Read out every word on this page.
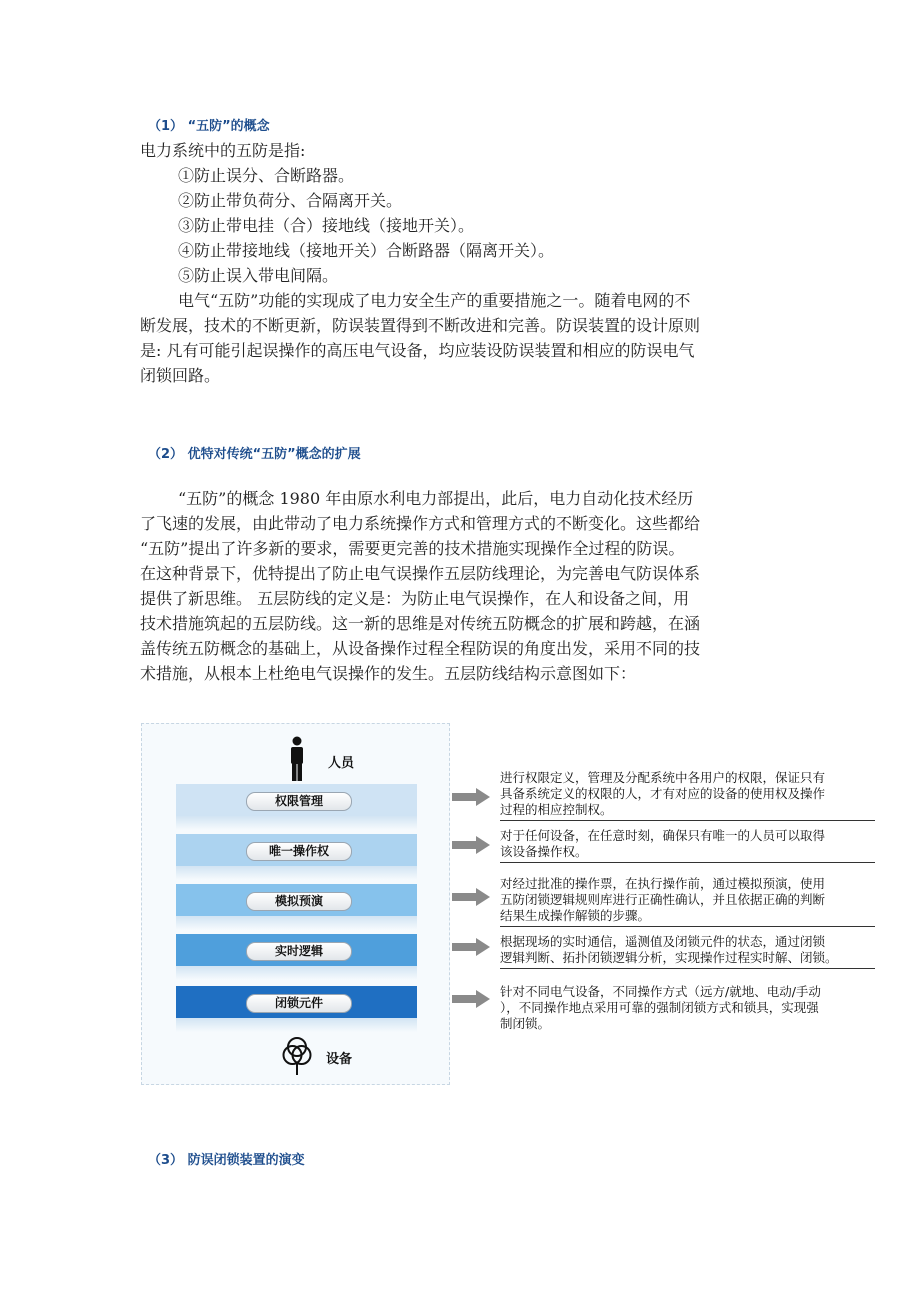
（1） “五防”的概念
电力系统中的五防是指:
①防止误分、合断路器。
②防止带负荷分、合隔离开关。
③防止带电挂（合）接地线（接地开关）。
④防止带接地线（接地开关）合断路器（隔离开关）。
⑤防止误入带电间隔。
电气“五防”功能的实现成了电力安全生产的重要措施之一。随着电网的不
断发展，技术的不断更新，防误装置得到不断改进和完善。防误装置的设计原则
是: 凡有可能引起误操作的高压电气设备，均应装设防误装置和相应的防误电气
闭锁回路。
（2） 优特对传统“五防”概念的扩展
“五防”的概念 1980 年由原水利电力部提出，此后，电力自动化技术经历
了飞速的发展，由此带动了电力系统操作方式和管理方式的不断变化。这些都给
“五防”提出了许多新的要求，需要更完善的技术措施实现操作全过程的防误。
在这种背景下，优特提出了防止电气误操作五层防线理论，为完善电气防误体系
提供了新思维。 五层防线的定义是：为防止电气误操作，在人和设备之间，用
技术措施筑起的五层防线。这一新的思维是对传统五防概念的扩展和跨越，在涵
盖传统五防概念的基础上，从设备操作过程全程防误的角度出发，采用不同的技
术措施，从根本上杜绝电气误操作的发生。五层防线结构示意图如下：
人员
权限管理
唯一操作权
模拟预演
实时逻辑
闭锁元件
设备
进行权限定义，管理及分配系统中各用户的权限，保证只有
具备系统定义的权限的人，才有对应的设备的使用权及操作
过程的相应控制权。
对于任何设备，在任意时刻，确保只有唯一的人员可以取得
该设备操作权。
对经过批准的操作票，在执行操作前，通过模拟预演，使用
五防闭锁逻辑规则库进行正确性确认，并且依据正确的判断
结果生成操作解锁的步骤。
根据现场的实时通信，遥测值及闭锁元件的状态，通过闭锁
逻辑判断、拓扑闭锁逻辑分析，实现操作过程实时解、闭锁。
针对不同电气设备，不同操作方式（远方/就地、电动/手动
），不同操作地点采用可靠的强制闭锁方式和锁具，实现强
制闭锁。
（3） 防误闭锁装置的演变
